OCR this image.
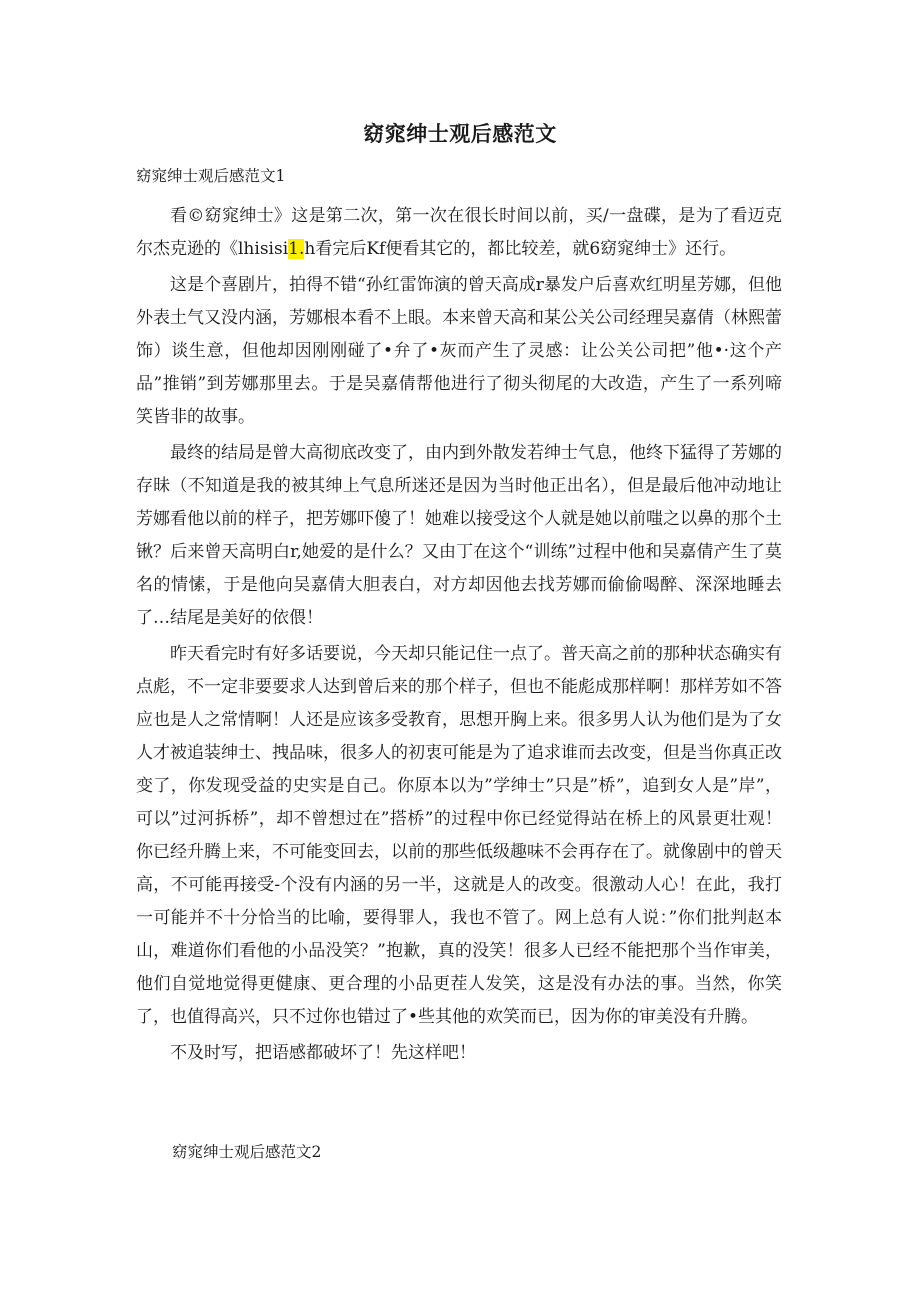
窈窕绅士观后感范文

窈窕绅士观后感范文1

看©窈窕绅士》这是第二次，第一次在很长时间以前，买/一盘碟，是为了看迈克尔杰克逊的《lhisisi1.h看完后Kf便看其它的，都比较差，就6窈窕绅士》还行。

这是个喜剧片，拍得不错“孙红雷饰演的曾天高成r暴发户后喜欢红明星芳娜，但他外表土气又没内涵，芳娜根本看不上眼。本来曾天高和某公关公司经理吴嘉倩（林熙蕾饰）谈生意，但他却因刚刚碰了•弁了•灰而产生了灵感：让公关公司把”他•·这个产品”推销”到芳娜那里去。于是吴嘉倩帮他进行了彻头彻尾的大改造，产生了一系列啼笑皆非的故事。

最终的结局是曾大高彻底改变了，由内到外散发若绅士气息，他终下猛得了芳娜的存昧（不知道是我的被其绅上气息所迷还是因为当时他正出名），但是最后他冲动地让芳娜看他以前的样子，把芳娜吓傻了！她难以接受这个人就是她以前嗤之以鼻的那个土锹？后来曾天高明白r,她爱的是什么？又由丁在这个“训练”过程中他和吴嘉倩产生了莫名的情愫，于是他向吴嘉倩大胆表白，对方却因他去找芳娜而偷偷喝醉、深深地睡去了…结尾是美好的依偎！

昨天看完时有好多话要说，今天却只能记住一点了。普天高之前的那种状态确实有点彪，不一定非要要求人达到曾后来的那个样子，但也不能彪成那样啊！那样芳如不答应也是人之常情啊！人还是应该多受教育，思想开胸上来。很多男人认为他们是为了女人才被追装绅士、拽品味，很多人的初衷可能是为了追求谁而去改变，但是当你真正改变了，你发现受益的史实是自己。你原本以为”学绅士”只是”桥”，追到女人是”岸”，可以”过河拆桥”，却不曾想过在”搭桥”的过程中你已经觉得站在桥上的风景更壮观！你已经升腾上来，不可能变回去，以前的那些低级趣味不会再存在了。就像剧中的曾天高，不可能再接受-个没有内涵的另一半，这就是人的改变。很激动人心！在此，我打一可能并不十分恰当的比喻，要得罪人，我也不管了。网上总有人说：”你们批判赵本山，难道你们看他的小品没笑？”抱歉，真的没笑！很多人已经不能把那个当作审美，他们自觉地觉得更健康、更合理的小品更茬人发笑，这是没有办法的事。当然，你笑了，也值得高兴，只不过你也错过了•些其他的欢笑而已，因为你的审美没有升腾。

不及时写，把语感都破坏了！先这样吧！

窈窕绅士观后感范文2
